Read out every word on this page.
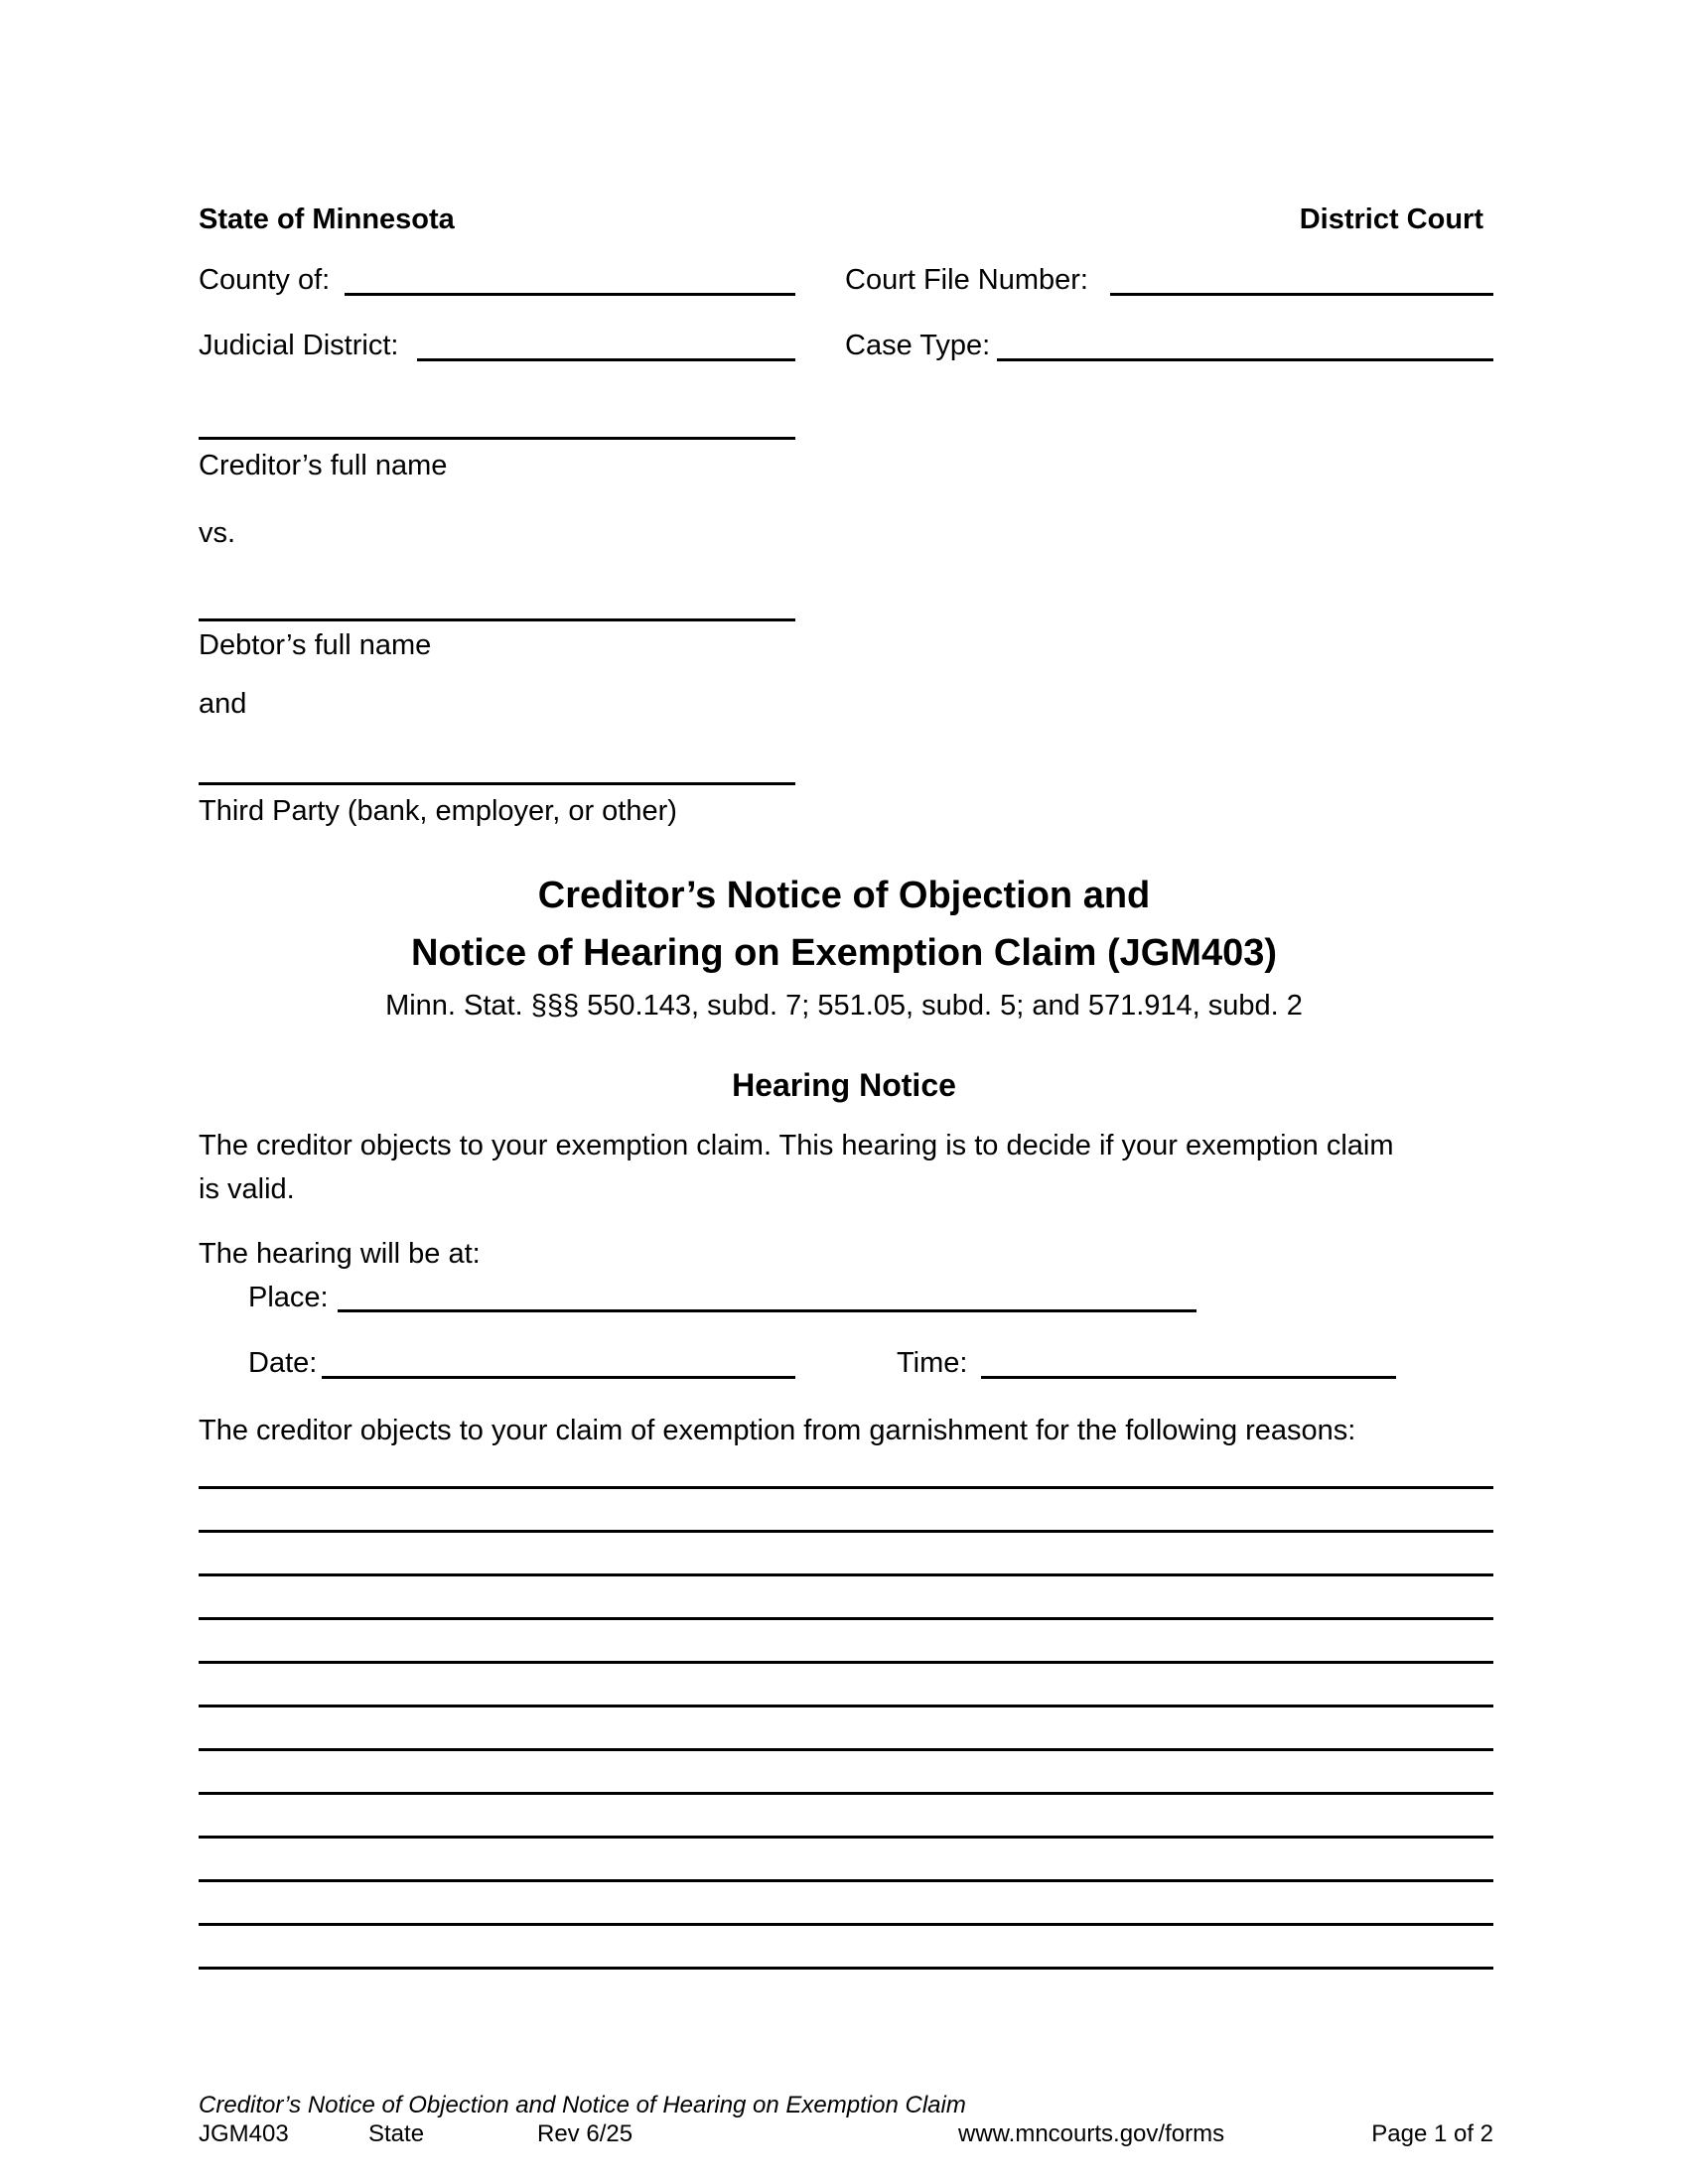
State of Minnesota	District Court
County of:	Court File Number:
Judicial District:	Case Type:
Creditor’s full name
vs.
Debtor’s full name
and
Third Party (bank, employer, or other)
Creditor’s Notice of Objection and
Notice of Hearing on Exemption Claim (JGM403)
Minn. Stat. §§§ 550.143, subd. 7; 551.05, subd. 5; and 571.914, subd. 2
Hearing Notice
The creditor objects to your exemption claim. This hearing is to decide if your exemption claim
is valid.
The hearing will be at:
Place:
Date:	Time:
The creditor objects to your claim of exemption from garnishment for the following reasons:
Creditor’s Notice of Objection and Notice of Hearing on Exemption Claim
JGM403	State	Rev 6/25	www.mncourts.gov/forms	Page 1 of 2
